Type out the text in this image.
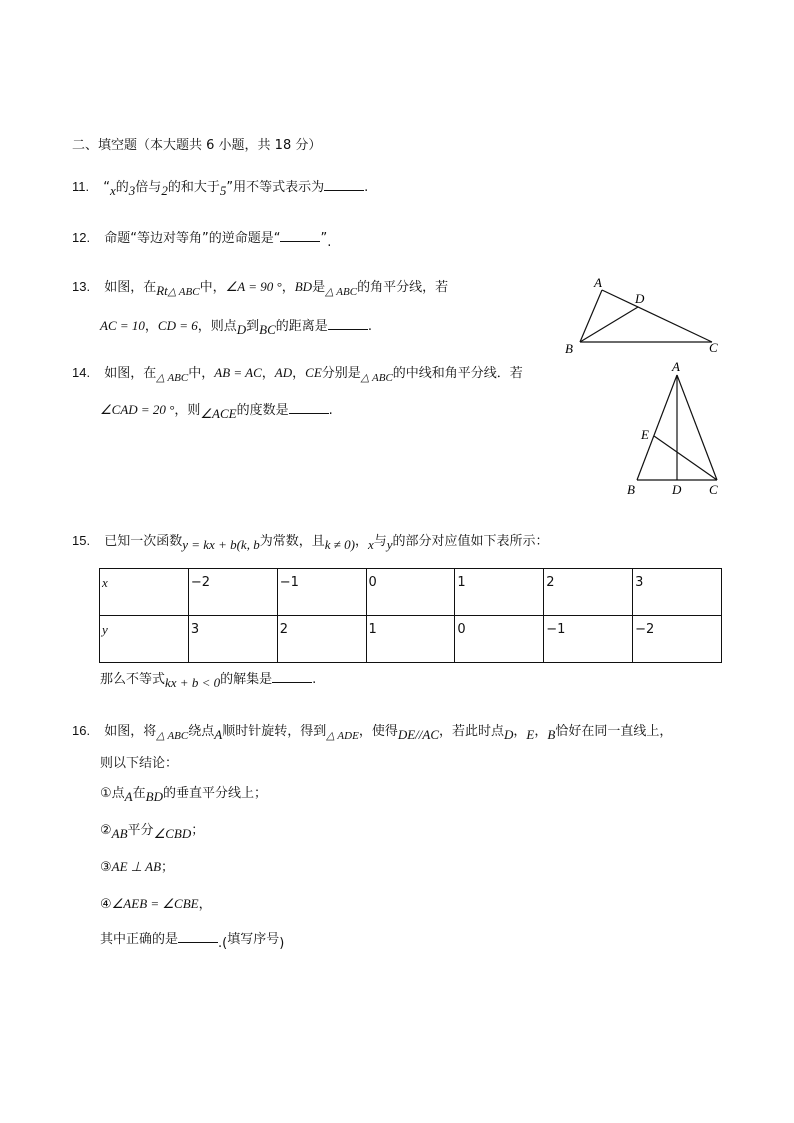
二、填空题（本大题共 6 小题，共 18 分）
11. “x的3倍与2的和大于5”用不等式表示为	.
12. 命题“等边对等角”的逆命题是“	”.
13. 如图，在$Rt_{\triangle ABC}$中，∠A = 90 °，BD是$_{\triangle ABC}$的角平分线，若
AC = 10，CD = 6，则点D到BC的距离是	.
A
D
B	C
14. 如图，在$_{\triangle ABC}$中，AB = AC，AD，CE分别是$_{\triangle ABC}$的中线和角平分线．若
∠CAD = 20 °，则∠ACE的度数是	.
A
E
B	D C
15. 已知一次函数y = kx + b(k, b为常数，且k ≠ 0)，x与y的部分对应值如下表所示：
x	−2	−1	0	1	2	3
y	3	2	1	0	−1	−2
那么不等式kx + b < 0的解集是	.
16. 如图，将$_{\triangle ABC}$绕点A顺时针旋转，得到$_{\triangle ADE}$，使得DE//AC，若此时点D，E，B恰好在同一直线上，
则以下结论：
①点A在BD的垂直平分线上；
②AB平分∠CBD；
③AE ⊥ AB；
④∠AEB = ∠CBE，
其中正确的是	.(填写序号)
